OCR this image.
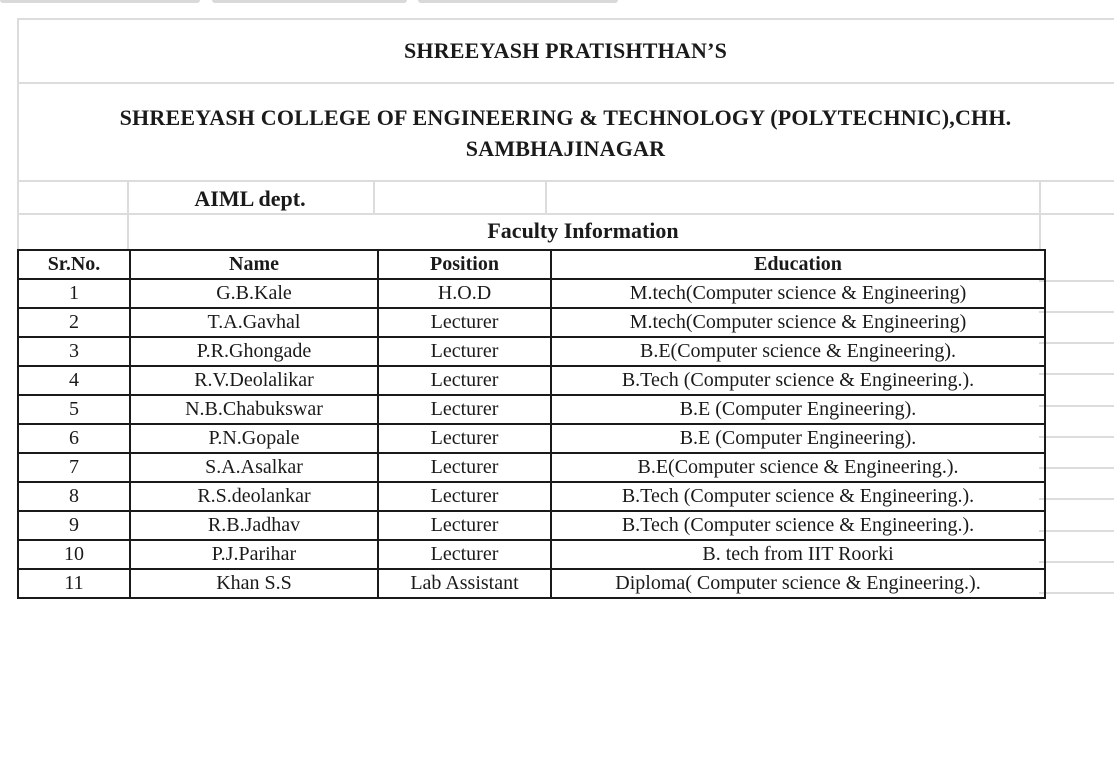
SHREEYASH PRATISHTHAN’S
SHREEYASH COLLEGE OF ENGINEERING & TECHNOLOGY (POLYTECHNIC),CHH.
SAMBHAJINAGAR
AIML dept.
Faculty Information
Sr.No.	Name	Position	Education
1	G.B.Kale	H.O.D	M.tech(Computer science & Engineering)
2	T.A.Gavhal	Lecturer	M.tech(Computer science & Engineering)
3	P.R.Ghongade	Lecturer	B.E(Computer science & Engineering).
4	R.V.Deolalikar	Lecturer	B.Tech (Computer science & Engineering.).
5	N.B.Chabukswar	Lecturer	B.E (Computer Engineering).
6	P.N.Gopale	Lecturer	B.E (Computer Engineering).
7	S.A.Asalkar	Lecturer	B.E(Computer science & Engineering.).
8	R.S.deolankar	Lecturer	B.Tech (Computer science & Engineering.).
9	R.B.Jadhav	Lecturer	B.Tech (Computer science & Engineering.).
10	P.J.Parihar	Lecturer	B. tech from IIT Roorki
11	Khan S.S	Lab Assistant	Diploma( Computer science & Engineering.).
